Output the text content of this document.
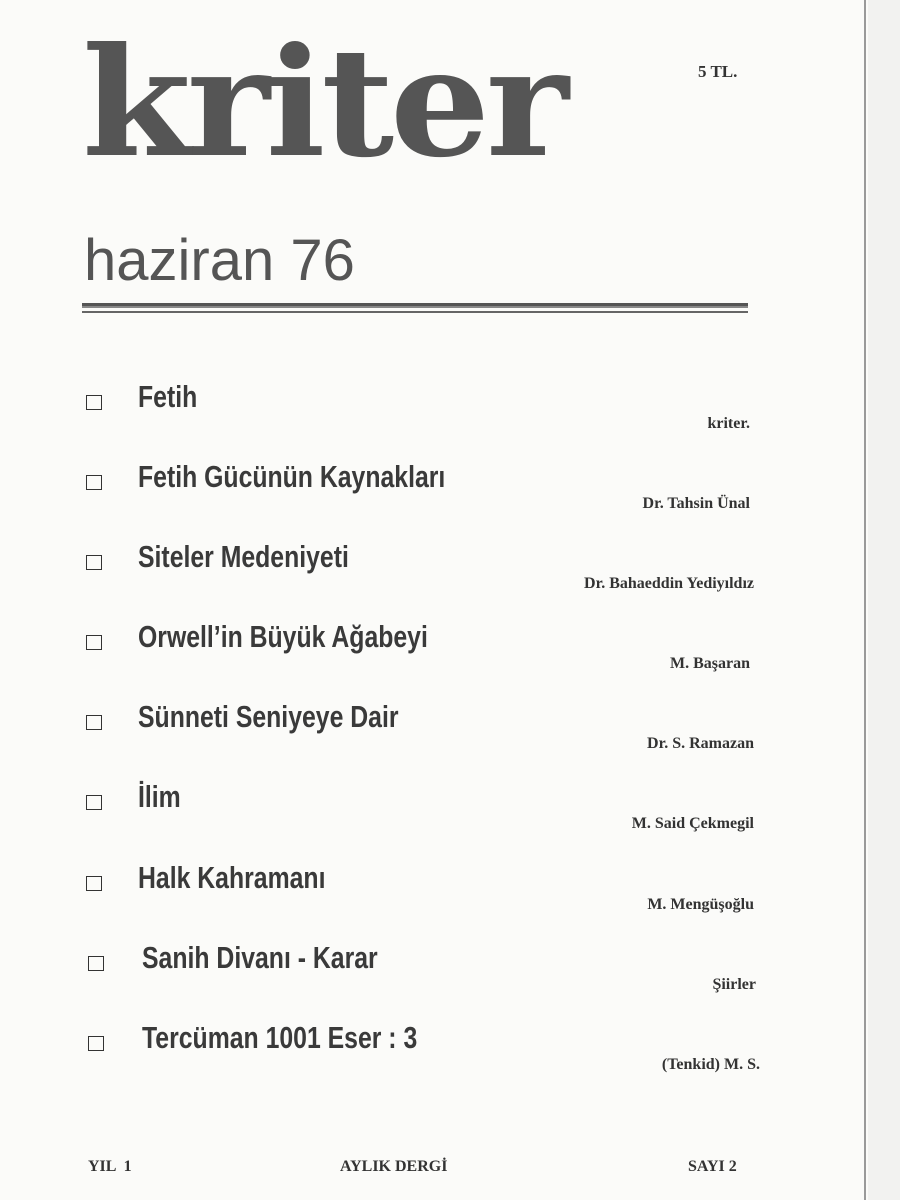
kriter	5 TL.
haziran 76
Fetih
kriter.
Fetih Gücünün Kaynakları
Dr. Tahsin Ünal
Siteler Medeniyeti
Dr. Bahaeddin Yediyıldız
Orwell’in Büyük Ağabeyi
M. Başaran
Sünneti Seniyeye Dair
Dr. S. Ramazan
İlim
M. Said Çekmegil
Halk Kahramanı
M. Mengüşoğlu
Sanih Divanı - Karar
Şiirler
Tercüman 1001 Eser : 3
(Tenkid) M. S.
YIL  1	AYLIK DERGİ	SAYI 2
